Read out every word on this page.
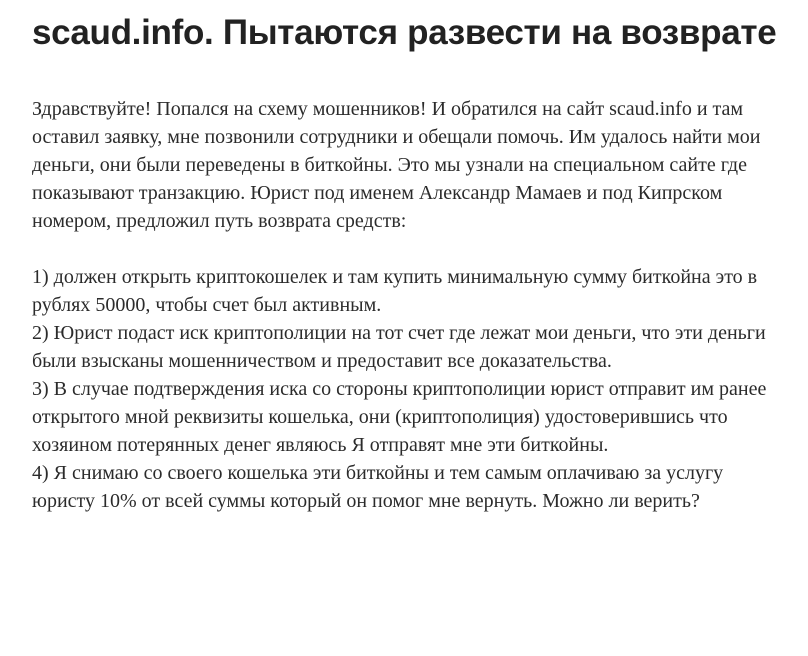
scaud.info. Пытаются развести на возврате

Здравствуйте! Попался на схему мошенников! И обратился на сайт scaud.info и там оставил заявку, мне позвонили сотрудники и обещали помочь. Им удалось найти мои деньги, они были переведены в биткойны. Это мы узнали на специальном сайте где показывают транзакцию. Юрист под именем Александр Мамаев и под Кипрском номером, предложил путь возврата средств:

1) должен открыть криптокошелек и там купить минимальную сумму биткойна это в рублях 50000, чтобы счет был активным.

2) Юрист подаст иск криптополиции на тот счет где лежат мои деньги, что эти деньги были взысканы мошенничеством и предоставит все доказательства.

3) В случае подтверждения иска со стороны криптополиции юрист отправит им ранее открытого мной реквизиты кошелька, они (криптополиция) удостоверившись что хозяином потерянных денег являюсь Я отправят мне эти биткойны.

4) Я снимаю со своего кошелька эти биткойны и тем самым оплачиваю за услугу юристу 10% от всей суммы который он помог мне вернуть. Можно ли верить?
